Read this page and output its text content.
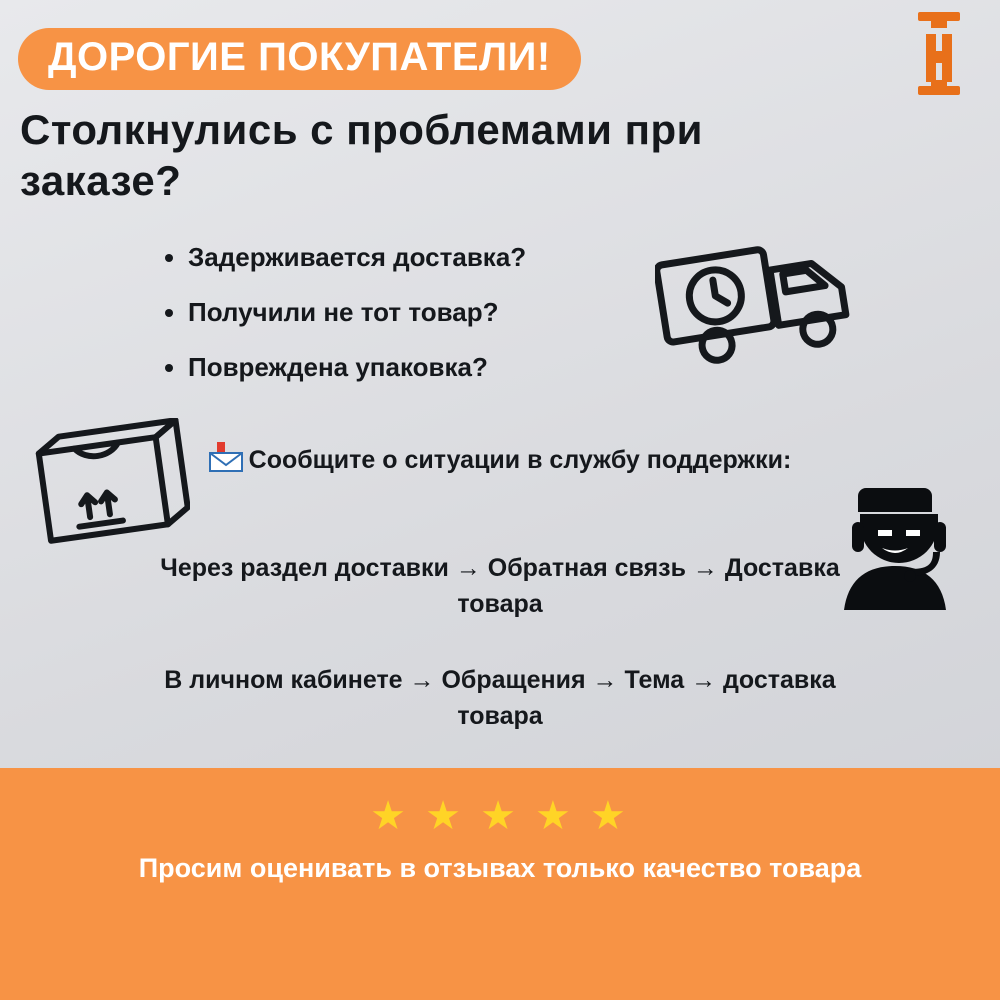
ДОРОГИЕ ПОКУПАТЕЛИ!
Столкнулись с проблемами при заказе?
• Задерживается доставка?
• Получили не тот товар?
• Повреждена упаковка?
Сообщите о ситуации в службу поддержки:
Через раздел доставки → Обратная связь → Доставка товара
В личном кабинете → Обращения → Тема → доставка товара
★ ★ ★ ★ ★
Просим оценивать в отзывах только качество товара
